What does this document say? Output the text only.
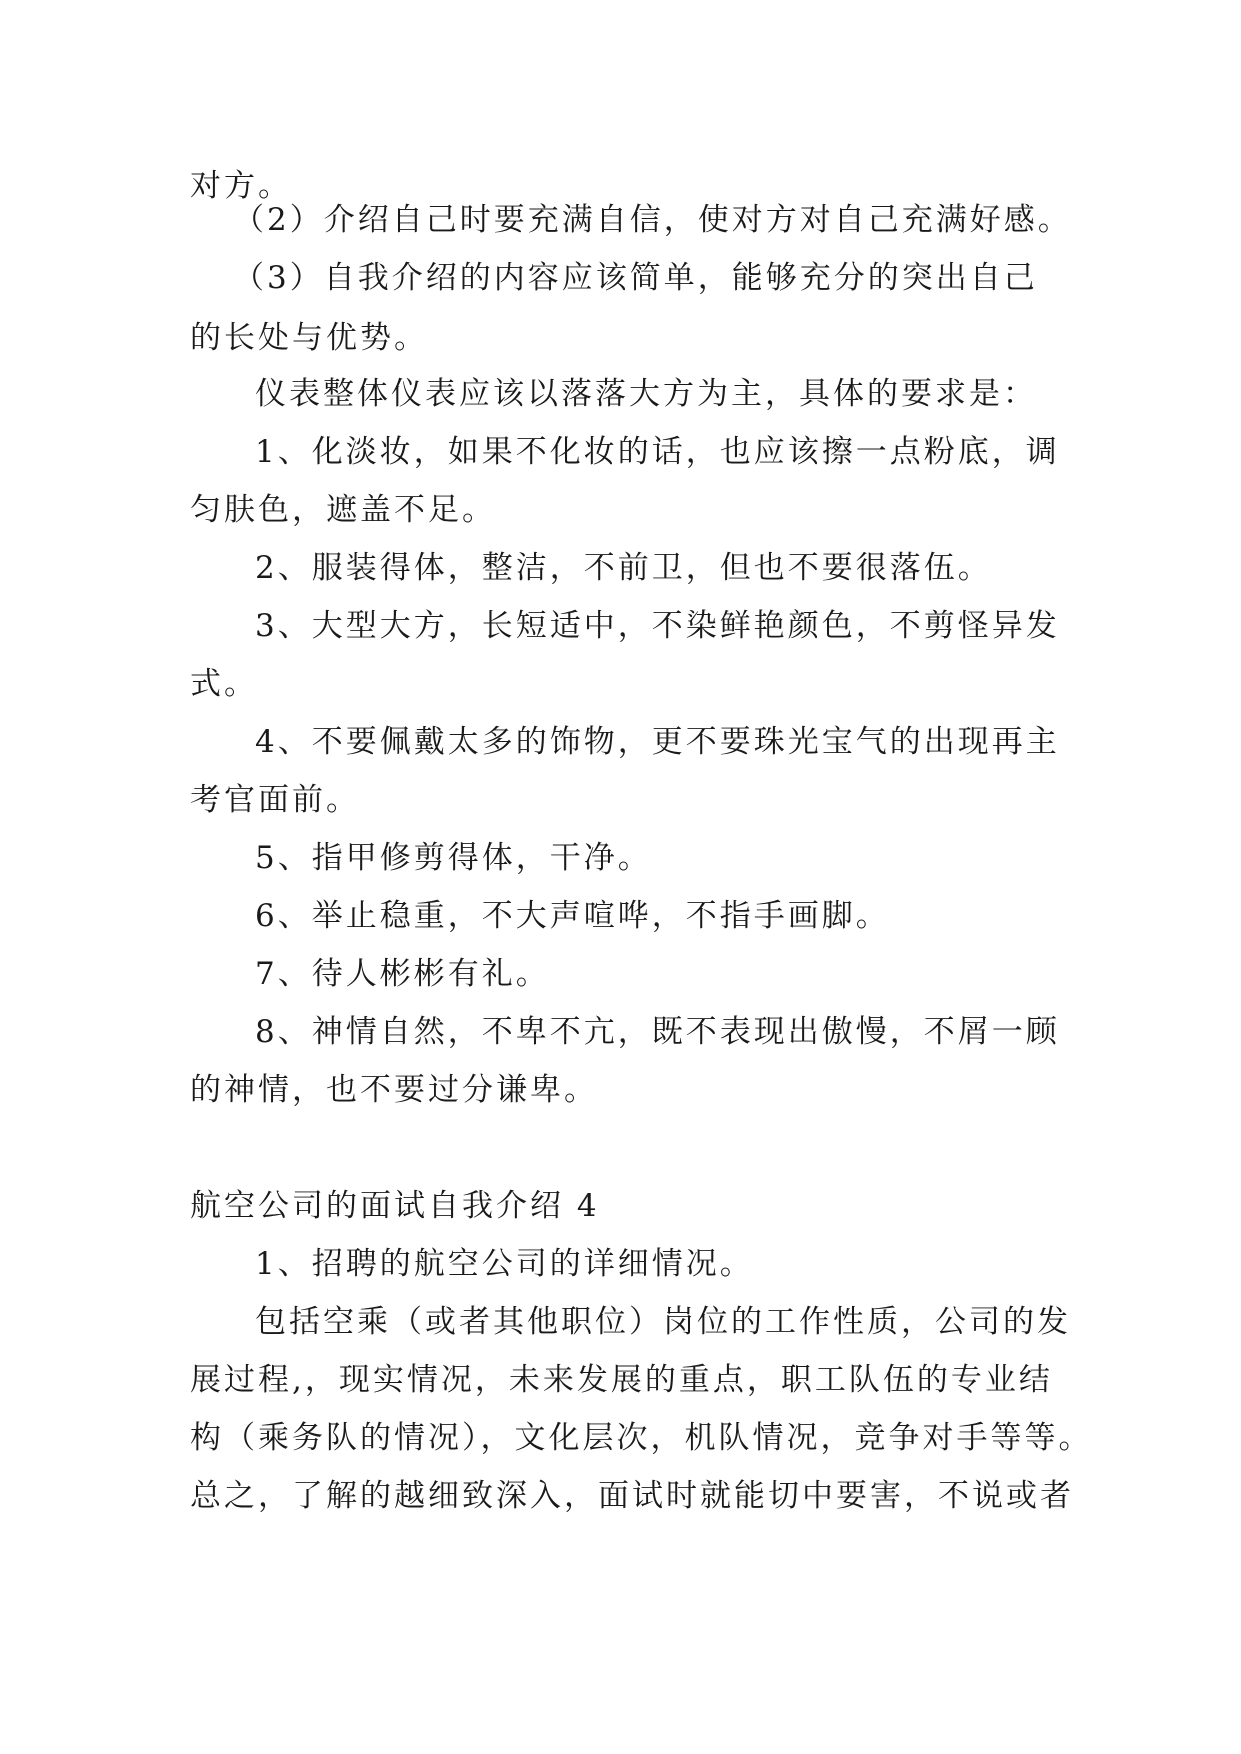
对方。
（2）介绍自己时要充满自信，使对方对自己充满好感。
（3）自我介绍的内容应该简单，能够充分的突出自己
的长处与优势。
仪表整体仪表应该以落落大方为主，具体的要求是：
1、化淡妆，如果不化妆的话，也应该擦一点粉底，调
匀肤色，遮盖不足。
2、服装得体，整洁，不前卫，但也不要很落伍。
3、大型大方，长短适中，不染鲜艳颜色，不剪怪异发
式。
4、不要佩戴太多的饰物，更不要珠光宝气的出现再主
考官面前。
5、指甲修剪得体，干净。
6、举止稳重，不大声喧哗，不指手画脚。
7、待人彬彬有礼。
8、神情自然，不卑不亢，既不表现出傲慢，不屑一顾
的神情，也不要过分谦卑。
航空公司的面试自我介绍 4
1、招聘的航空公司的详细情况。
包括空乘（或者其他职位）岗位的工作性质，公司的发
展过程,，现实情况，未来发展的重点，职工队伍的专业结
构（乘务队的情况），文化层次，机队情况，竞争对手等等。
总之，了解的越细致深入，面试时就能切中要害，不说或者
